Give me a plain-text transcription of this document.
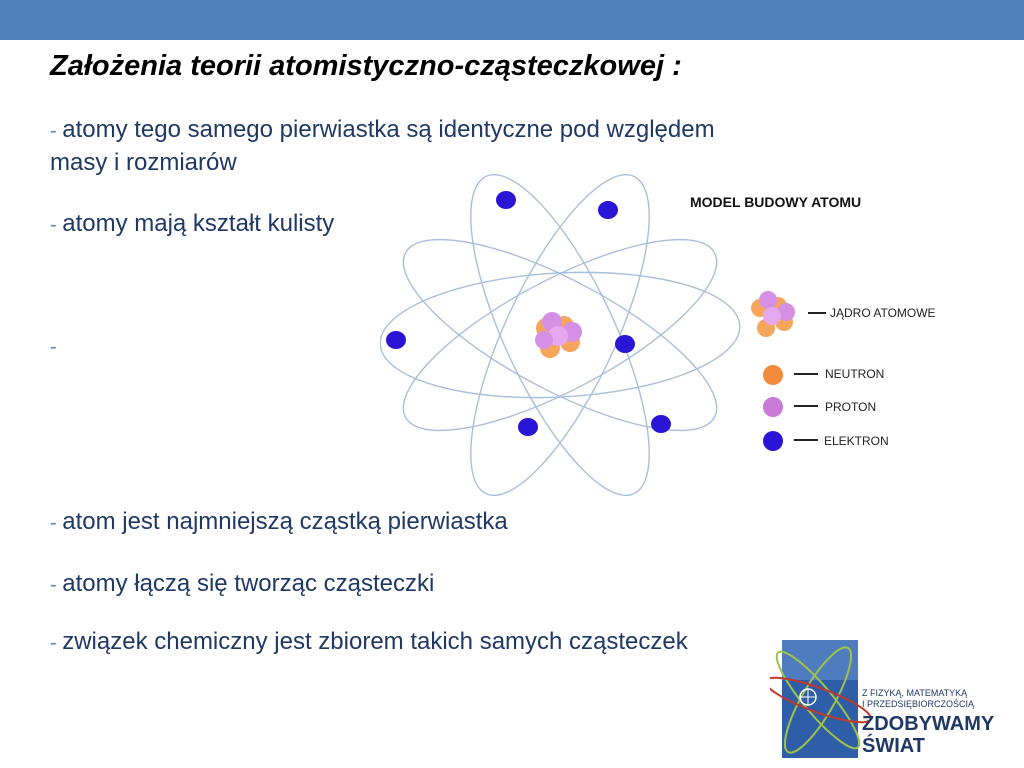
Założenia teorii atomistyczno-cząsteczkowej :

- atomy tego samego pierwiastka są identyczne pod względem masy i rozmiarów

- atomy mają kształt kulisty

-

- atom jest najmniejszą cząstką pierwiastka

- atomy łączą się tworząc cząsteczki

- związek chemiczny jest zbiorem takich samych cząsteczek

MODEL BUDOWY ATOMU
JĄDRO ATOMOWE
NEUTRON
PROTON
ELEKTRON
Z FIZYKĄ, MATEMATYKĄ
I PRZEDSIĘBIORCZOŚCIĄ
ZDOBYWAMY
ŚWIAT
